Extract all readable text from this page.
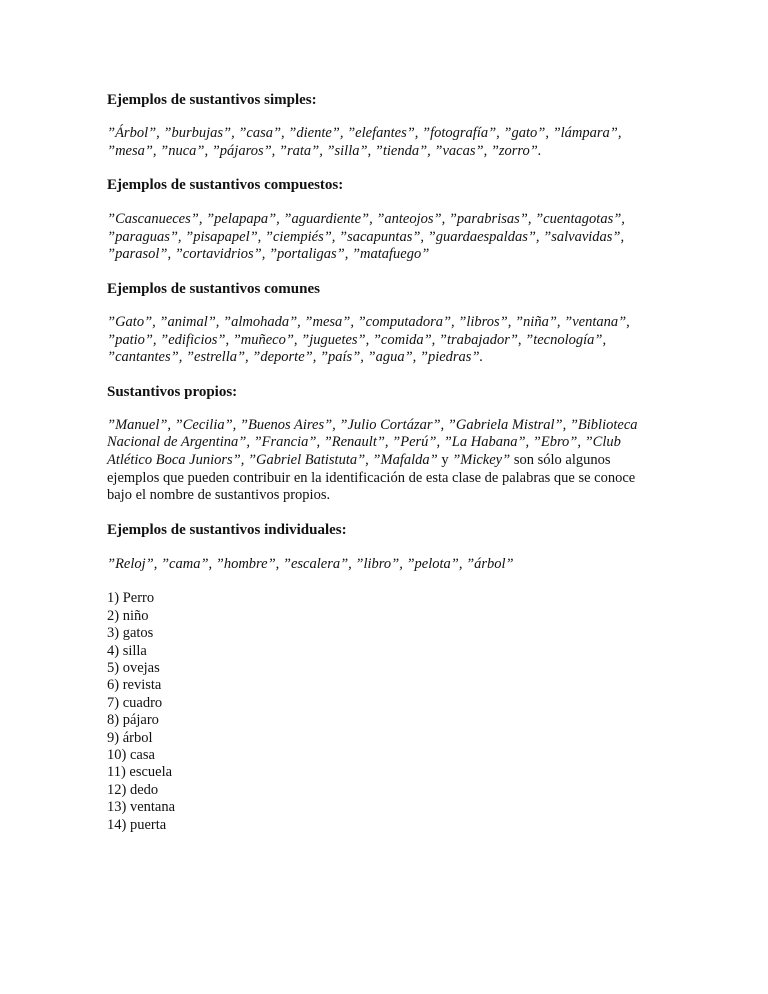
Ejemplos de sustantivos simples:

”Árbol”, ”burbujas”, ”casa”, ”diente”, ”elefantes”, ”fotografía”, ”gato”, ”lámpara”, ”mesa”, ”nuca”, ”pájaros”, ”rata”, ”silla”, ”tienda”, ”vacas”, ”zorro”.

Ejemplos de sustantivos compuestos:

”Cascanueces”, ”pelapapa”, ”aguardiente”, ”anteojos”, ”parabrisas”, ”cuentagotas”, ”paraguas”, ”pisapapel”, ”ciempiés”, ”sacapuntas”, ”guardaespaldas”, ”salvavidas”, ”parasol”, ”cortavidrios”, ”portaligas”, ”matafuego”

Ejemplos de sustantivos comunes

”Gato”, ”animal”, ”almohada”, ”mesa”, ”computadora”, ”libros”, ”niña”, ”ventana”, ”patio”, ”edificios”, ”muñeco”, ”juguetes”, ”comida”, ”trabajador”, ”tecnología”, ”cantantes”, ”estrella”, ”deporte”, ”país”, ”agua”, ”piedras”.

Sustantivos propios:

”Manuel”, ”Cecilia”, ”Buenos Aires”, ”Julio Cortázar”, ”Gabriela Mistral”, ”Biblioteca Nacional de Argentina”, ”Francia”, ”Renault”, ”Perú”, ”La Habana”, ”Ebro”, ”Club Atlético Boca Juniors”, ”Gabriel Batistuta”, ”Mafalda” y ”Mickey” son sólo algunos ejemplos que pueden contribuir en la identificación de esta clase de palabras que se conoce bajo el nombre de sustantivos propios.

Ejemplos de sustantivos individuales:

”Reloj”, ”cama”, ”hombre”, ”escalera”, ”libro”, ”pelota”, ”árbol”

1) Perro
2) niño
3) gatos
4) silla
5) ovejas
6) revista
7) cuadro
8) pájaro
9) árbol
10) casa
11) escuela
12) dedo
13) ventana
14) puerta
